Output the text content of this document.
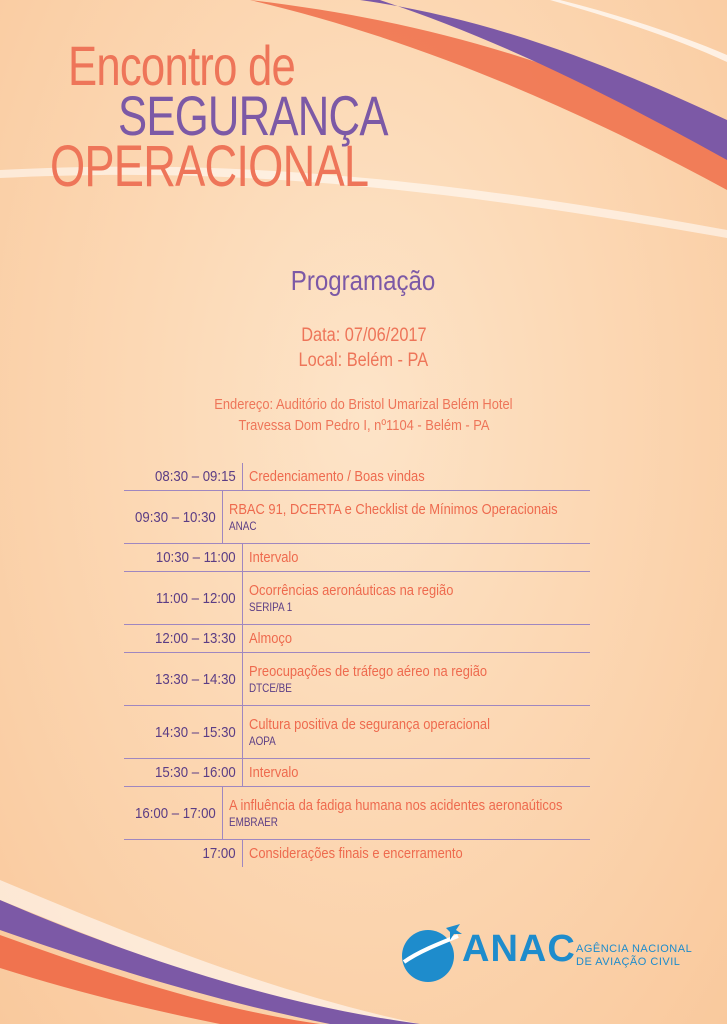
Encontro de
SEGURANÇA
OPERACIONAL
Programação
Data: 07/06/2017
Local: Belém - PA
Endereço: Auditório do Bristol Umarizal Belém Hotel
Travessa Dom Pedro I, nº1104 - Belém - PA
08:30 – 09:15 Credenciamento / Boas vindas
09:30 – 10:30 RBAC 91, DCERTA e Checklist de Mínimos Operacionais
ANAC
10:30 – 11:00 Intervalo
11:00 – 12:00 Ocorrências aeronáuticas na região
SERIPA 1
12:00 – 13:30 Almoço
13:30 – 14:30 Preocupações de tráfego aéreo na região
DTCE/BE
14:30 – 15:30 Cultura positiva de segurança operacional
AOPA
15:30 – 16:00 Intervalo
16:00 – 17:00 A influência da fadiga humana nos acidentes aeronaúticos
EMBRAER
17:00 Considerações finais e encerramento
ANAC AGÊNCIA NACIONAL
DE AVIAÇÃO CIVIL
